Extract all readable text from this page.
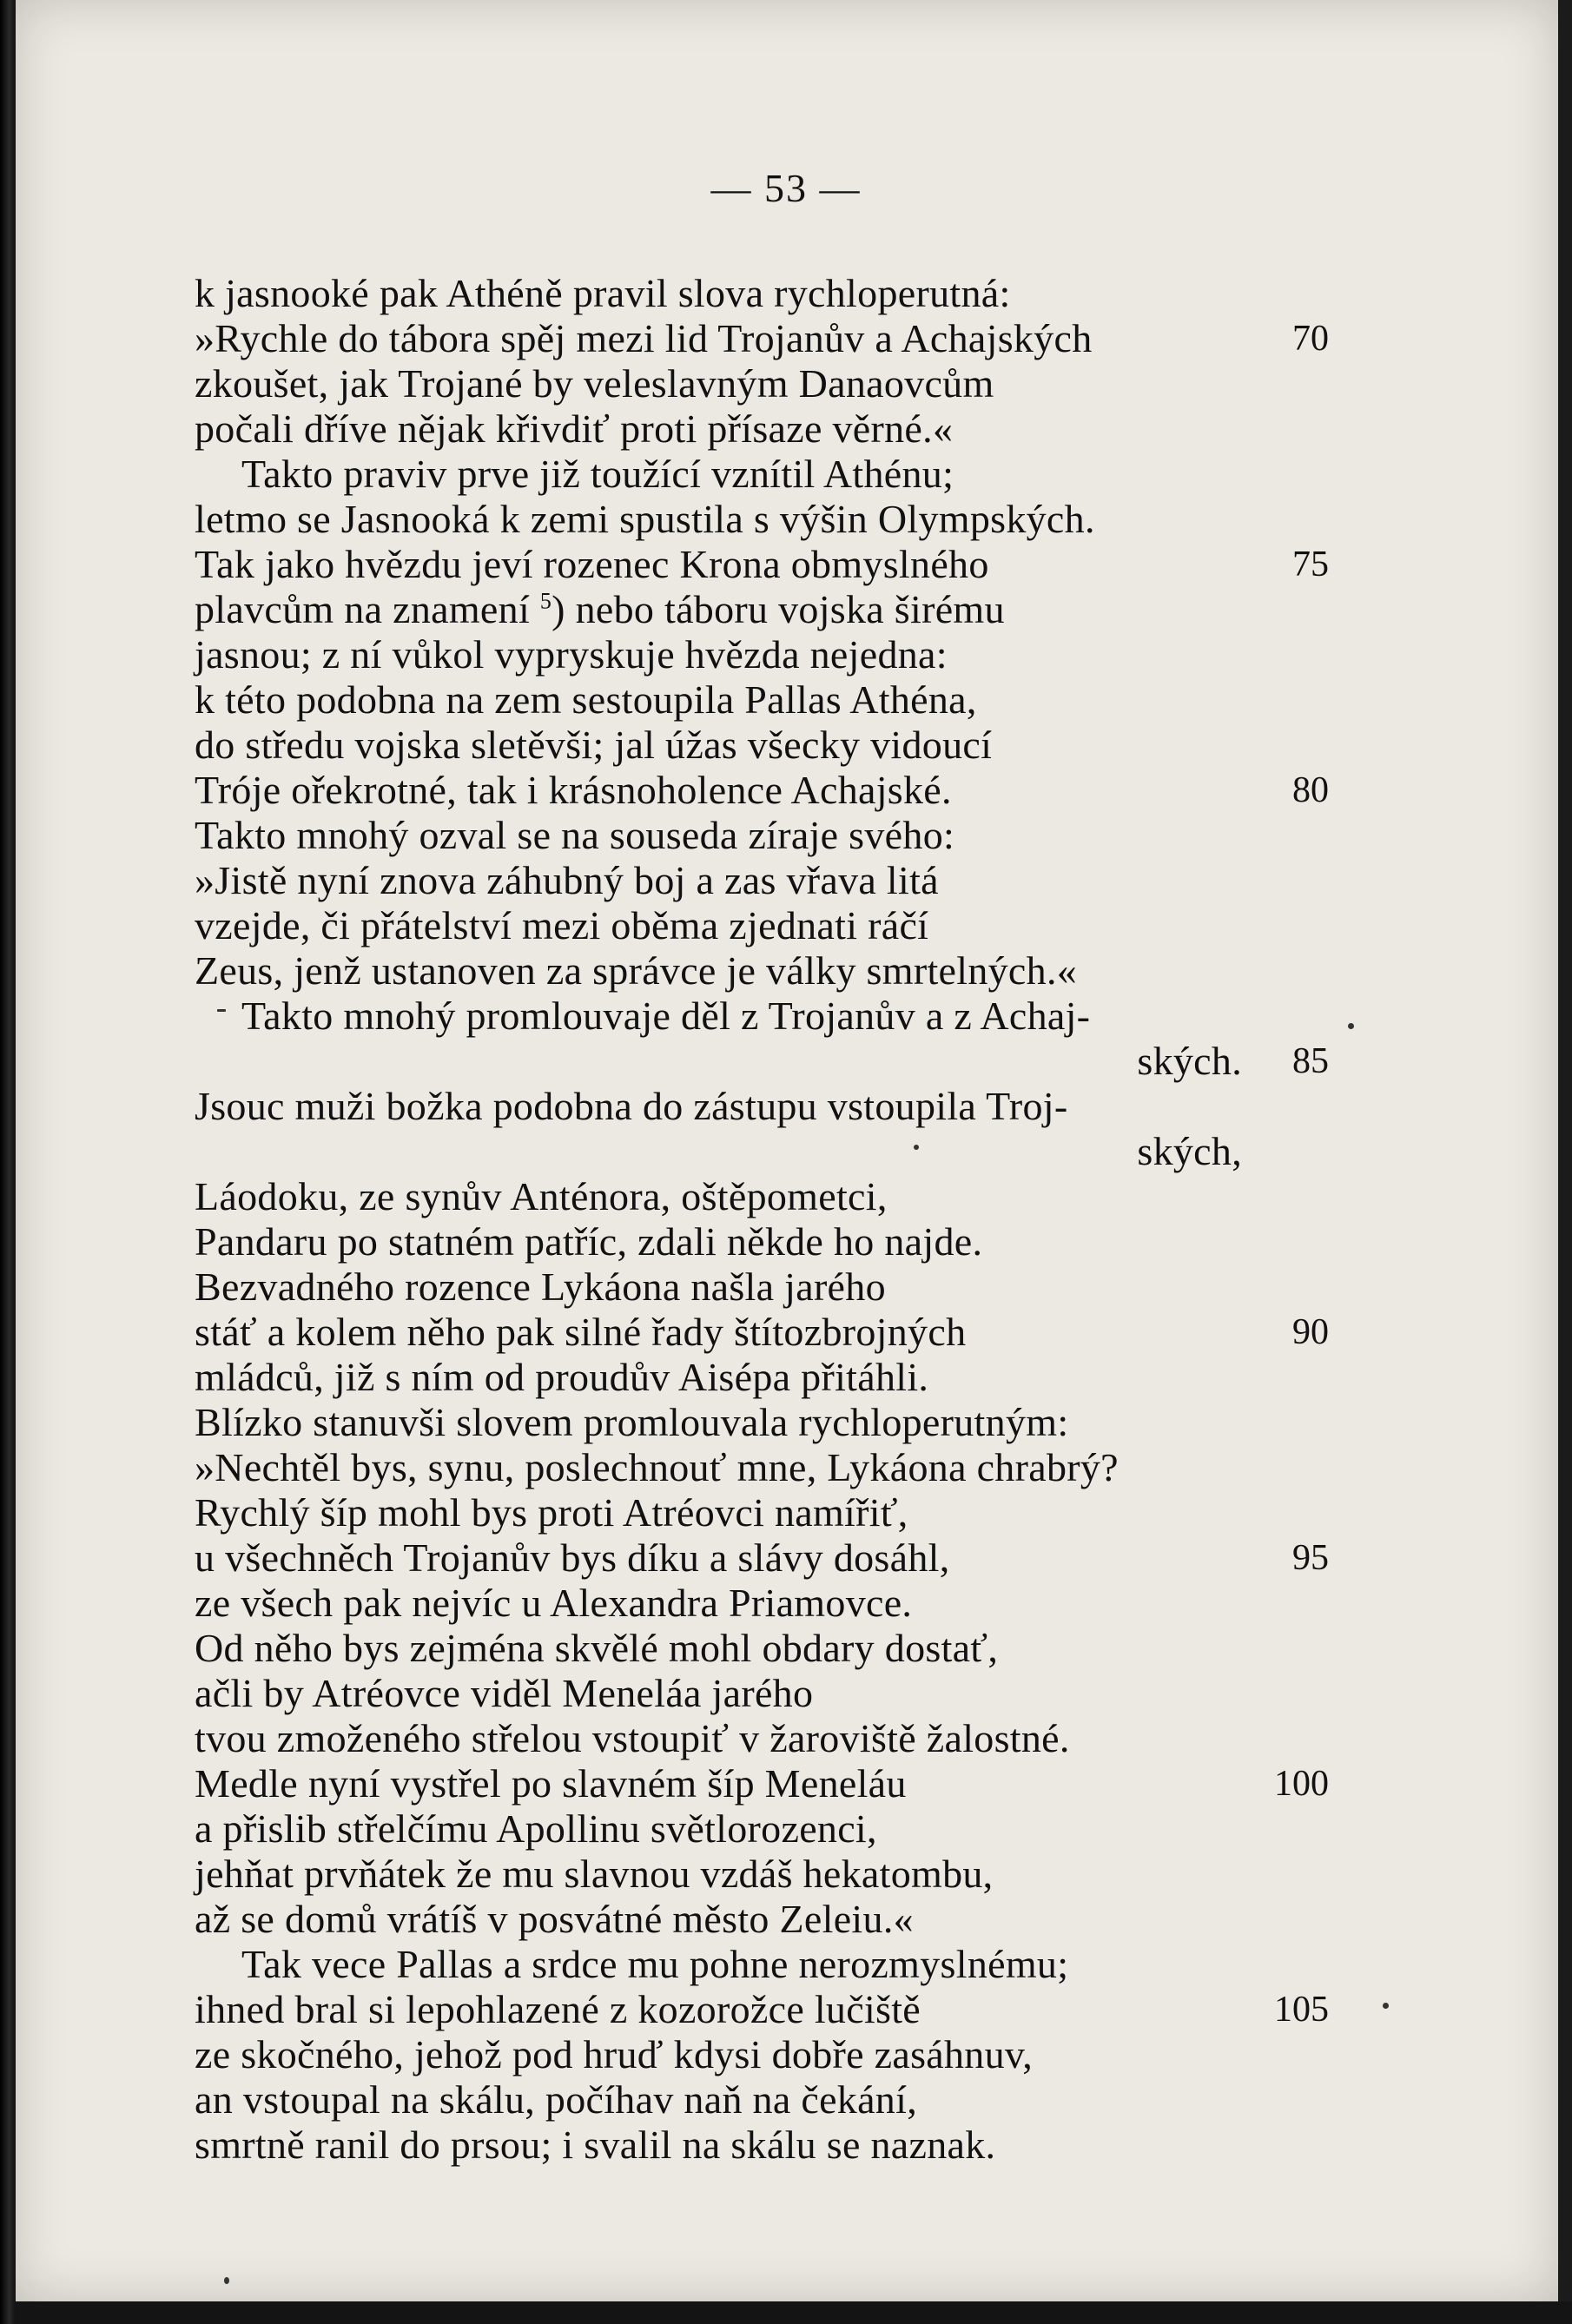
— 53 —
k jasnooké pak Athéně pravil slova rychloperutná:
»Rychle do tábora spěj mezi lid Trojanův a Achajských	70
zkoušet, jak Trojané by veleslavným Danaovcům
počali dříve nějak křivdiť proti přísaze věrné.«
Takto praviv prve již toužící vznítil Athénu;
letmo se Jasnooká k zemi spustila s výšin Olympských.
Tak jako hvězdu jeví rozenec Krona obmyslného	75
plavcům na znamení $^5$) nebo táboru vojska širému
jasnou; z ní vůkol vypryskuje hvězda nejedna:
k této podobna na zem sestoupila Pallas Athéna,
do středu vojska sletěvši; jal úžas všecky vidoucí
Tróje ořekrotné, tak i krásnoholence Achajské.	80
Takto mnohý ozval se na souseda zíraje svého:
»Jistě nyní znova záhubný boj a zas vřava litá
vzejde, či přátelství mezi oběma zjednati ráčí
Zeus, jenž ustanoven za správce je války smrtelných.«
Takto mnohý promlouvaje děl z Trojanův a z Achaj-
ských.	85
Jsouc muži božka podobna do zástupu vstoupila Troj-
ských,
Láodoku, ze synův Anténora, oštěpometci,
Pandaru po statném patříc, zdali někde ho najde.
Bezvadného rozence Lykáona našla jarého
stáť a kolem něho pak silné řady štítozbrojných	90
mládců, již s ním od proudův Aisépa přitáhli.
Blízko stanuvši slovem promlouvala rychloperutným:
»Nechtěl bys, synu, poslechnouť mne, Lykáona chrabrý?
Rychlý šíp mohl bys proti Atréovci namířiť,
u všechněch Trojanův bys díku a slávy dosáhl,	95
ze všech pak nejvíc u Alexandra Priamovce.
Od něho bys zejména skvělé mohl obdary dostať,
ačli by Atréovce viděl Meneláa jarého
tvou zmoženého střelou vstoupiť v žaroviště žalostné.
Medle nyní vystřel po slavném šíp Meneláu	100
a přislib střelčímu Apollinu světlorozenci,
jehňat prvňátek že mu slavnou vzdáš hekatombu,
až se domů vrátíš v posvátné město Zeleiu.«
Tak vece Pallas a srdce mu pohne nerozmyslnému;
ihned bral si lepohlazené z kozorožce lučiště	105
ze skočného, jehož pod hruď kdysi dobře zasáhnuv,
an vstoupal na skálu, počíhav naň na čekání,
smrtně ranil do prsou; i svalil na skálu se naznak.
